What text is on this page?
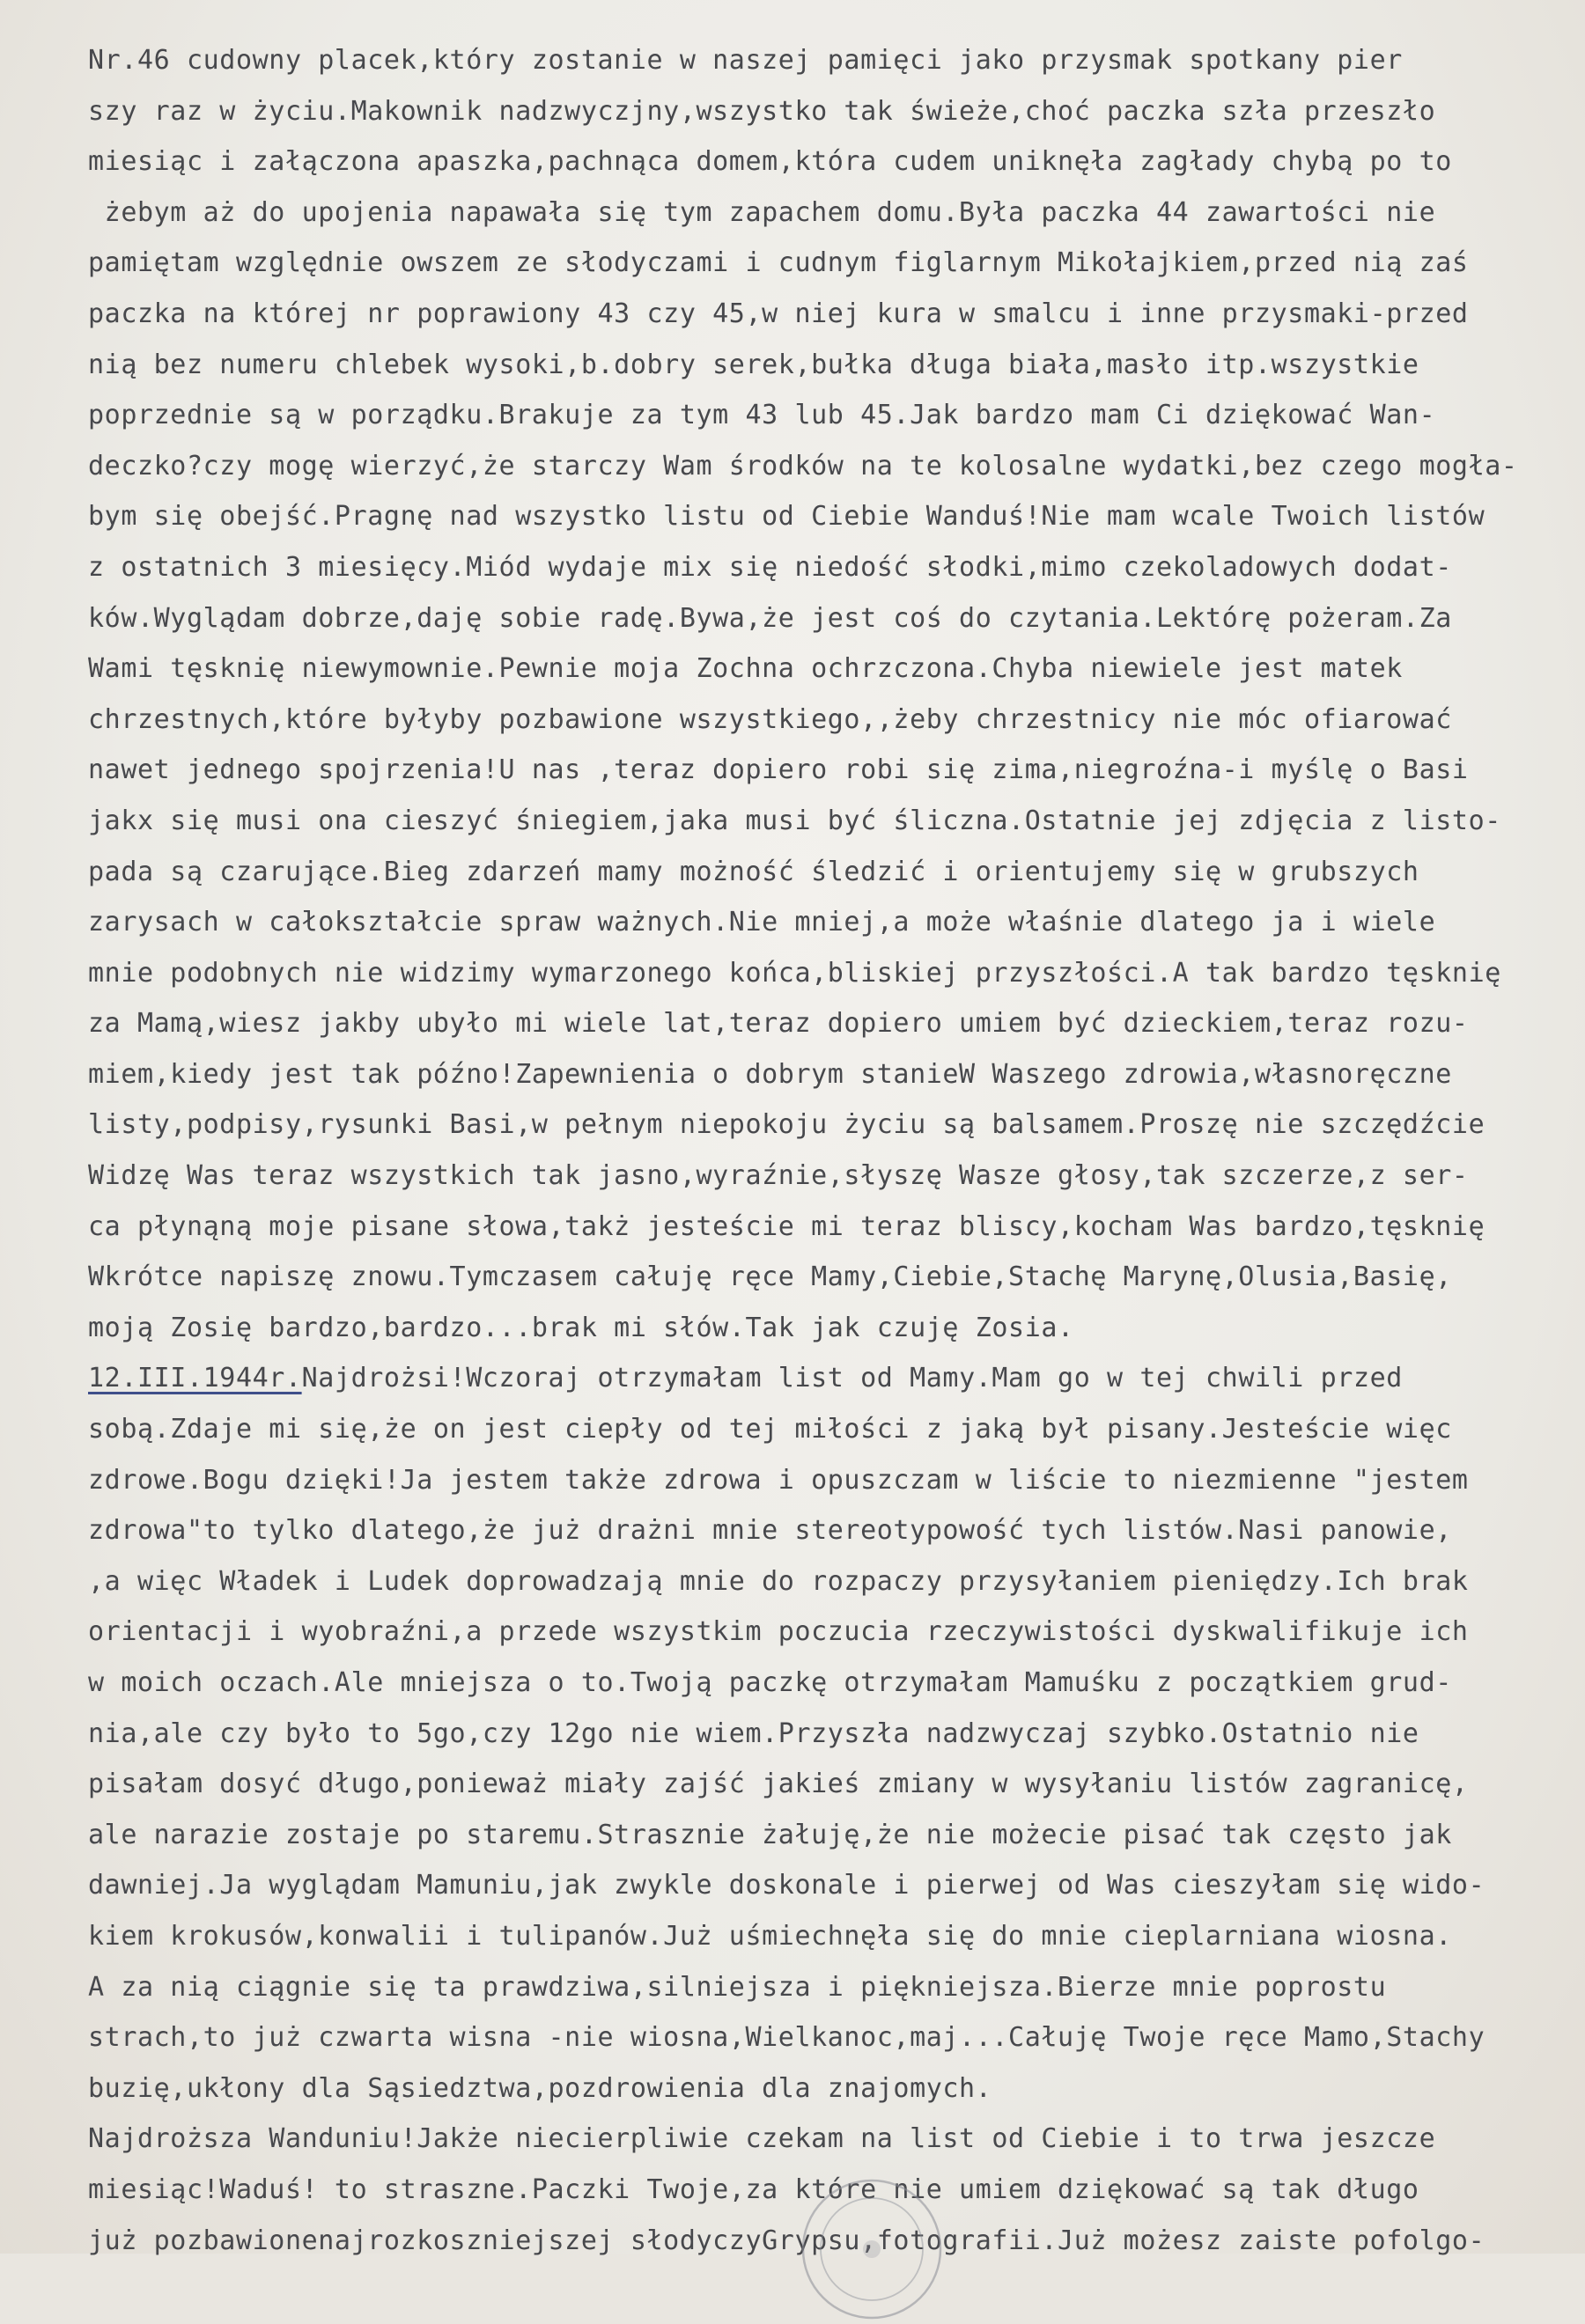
Nr.46 cudowny placek,który zostanie w naszej pamięci jako przysmak spotkany pier
szy raz w życiu.Makownik nadzwyczjny,wszystko tak świeże,choć paczka szła przeszło
miesiąc i załączona apaszka,pachnąca domem,która cudem uniknęła zagłady chybą po to
żebym aż do upojenia napawała się tym zapachem domu.Była paczka 44 zawartości nie
pamiętam względnie owszem ze słodyczami i cudnym figlarnym Mikołajkiem,przed nią zaś
paczka na której nr poprawiony 43 czy 45,w niej kura w smalcu i inne przysmaki-przed
nią bez numeru chlebek wysoki,b.dobry serek,bułka długa biała,masło itp.wszystkie
poprzednie są w porządku.Brakuje za tym 43 lub 45.Jak bardzo mam Ci dziękować Wan-
deczko?czy mogę wierzyć,że starczy Wam środków na te kolosalne wydatki,bez czego mogła-
bym się obejść.Pragnę nad wszystko listu od Ciebie Wanduś!Nie mam wcale Twoich listów
z ostatnich 3 miesięcy.Miód wydaje mix się niedość słodki,mimo czekoladowych dodat-
ków.Wyglądam dobrze,daję sobie radę.Bywa,że jest coś do czytania.Lektórę pożeram.Za
Wami tęsknię niewymownie.Pewnie moja Zochna ochrzczona.Chyba niewiele jest matek
chrzestnych,które byłyby pozbawione wszystkiego,,żeby chrzestnicy nie móc ofiarować
nawet jednego spojrzenia!U nas ,teraz dopiero robi się zima,niegroźna-i myślę o Basi
jakx się musi ona cieszyć śniegiem,jaka musi być śliczna.Ostatnie jej zdjęcia z listo-
pada są czarujące.Bieg zdarzeń mamy możność śledzić i orientujemy się w grubszych
zarysach w całokształcie spraw ważnych.Nie mniej,a może właśnie dlatego ja i wiele
mnie podobnych nie widzimy wymarzonego końca,bliskiej przyszłości.A tak bardzo tęsknię
za Mamą,wiesz jakby ubyło mi wiele lat,teraz dopiero umiem być dzieckiem,teraz rozu-
miem,kiedy jest tak późno!Zapewnienia o dobrym stanieW Waszego zdrowia,własnoręczne
listy,podpisy,rysunki Basi,w pełnym niepokoju życiu są balsamem.Proszę nie szczędźcie
Widzę Was teraz wszystkich tak jasno,wyraźnie,słyszę Wasze głosy,tak szczerze,z ser-
ca płynąną moje pisane słowa,takż jesteście mi teraz bliscy,kocham Was bardzo,tęsknię
Wkrótce napiszę znowu.Tymczasem całuję ręce Mamy,Ciebie,Stachę Marynę,Olusia,Basię,
moją Zosię bardzo,bardzo...brak mi słów.Tak jak czuję Zosia.
12.III.1944r.Najdrożsi!Wczoraj otrzymałam list od Mamy.Mam go w tej chwili przed
sobą.Zdaje mi się,że on jest ciepły od tej miłości z jaką był pisany.Jesteście więc
zdrowe.Bogu dzięki!Ja jestem także zdrowa i opuszczam w liście to niezmienne "jestem
zdrowa"to tylko dlatego,że już drażni mnie stereotypowość tych listów.Nasi panowie,
,a więc Władek i Ludek doprowadzają mnie do rozpaczy przysyłaniem pieniędzy.Ich brak
orientacji i wyobraźni,a przede wszystkim poczucia rzeczywistości dyskwalifikuje ich
w moich oczach.Ale mniejsza o to.Twoją paczkę otrzymałam Mamuśku z początkiem grud-
nia,ale czy było to 5go,czy 12go nie wiem.Przyszła nadzwyczaj szybko.Ostatnio nie
pisałam dosyć długo,ponieważ miały zajść jakieś zmiany w wysyłaniu listów zagranicę,
ale narazie zostaje po staremu.Strasznie żałuję,że nie możecie pisać tak często jak
dawniej.Ja wyglądam Mamuniu,jak zwykle doskonale i pierwej od Was cieszyłam się wido-
kiem krokusów,konwalii i tulipanów.Już uśmiechnęła się do mnie cieplarniana wiosna.
A za nią ciągnie się ta prawdziwa,silniejsza i piękniejsza.Bierze mnie poprostu
strach,to już czwarta wisna -nie wiosna,Wielkanoc,maj...Całuję Twoje ręce Mamo,Stachy
buzię,ukłony dla Sąsiedztwa,pozdrowienia dla znajomych.
Najdroższa Wanduniu!Jakże niecierpliwie czekam na list od Ciebie i to trwa jeszcze
miesiąc!Waduś! to straszne.Paczki Twoje,za które nie umiem dziękować są tak długo
już pozbawionenajrozkoszniejszej słodyczyGrypsu,fotografii.Już możesz zaiste pofolgo-
